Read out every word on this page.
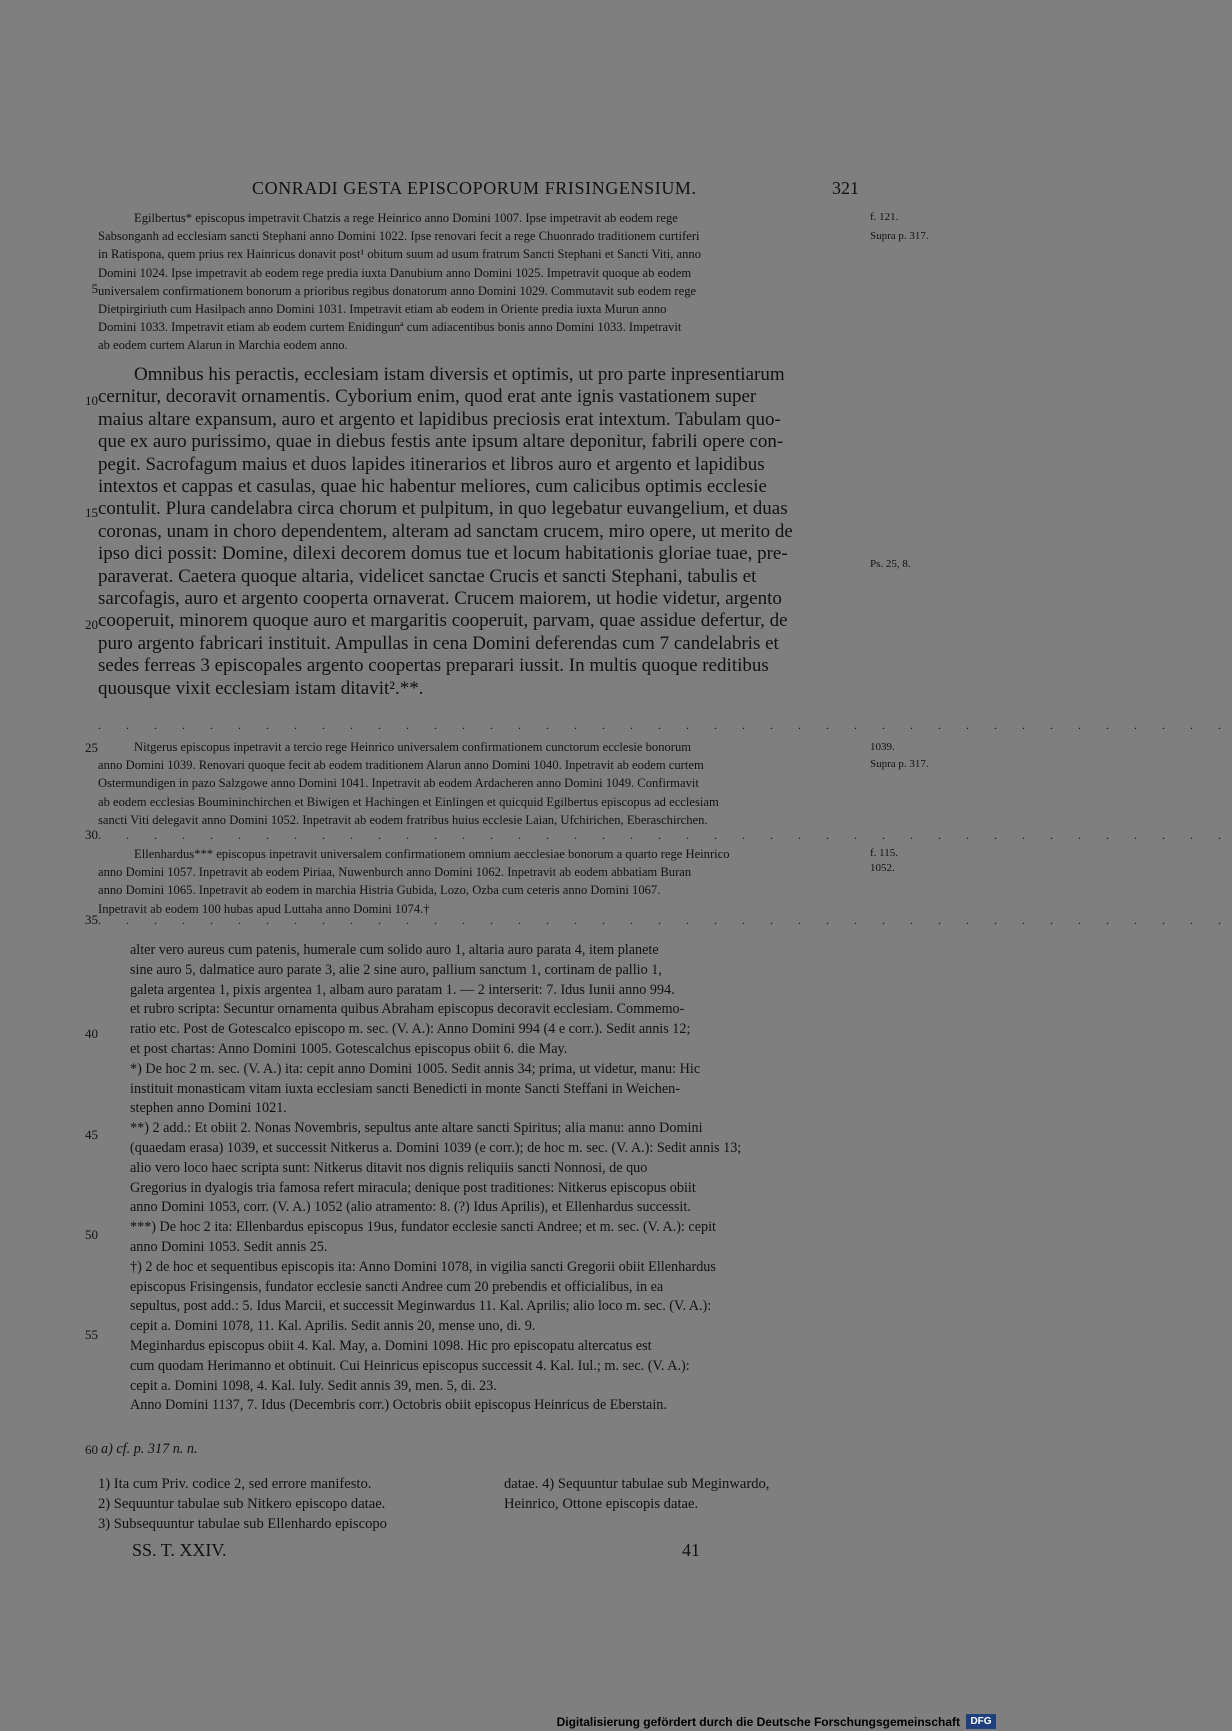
CONRADI GESTA EPISCOPORUM FRISINGENSIUM.	321
Egilbertus* episcopus impetravit Chatzis a rege Heinrico anno Domini 1007. Ipse impetravit ab eodem rege
Sabsonganh ad ecclesiam sancti Stephani anno Domini 1022. Ipse renovari fecit a rege Chuonrado traditionem curtiferi
in Ratispona, quem prius rex Hainricus donavit post¹ obitum suum ad usum fratrum Sancti Stephani et Sancti Viti, anno
Domini 1024. Ipse impetravit ab eodem rege predia iuxta Danubium anno Domini 1025. Impetravit quoque ab eodem
universalem confirmationem bonorum a prioribus regibus donatorum anno Domini 1029. Commutavit sub eodem rege
Dietpirgiriuth cum Hasilpach anno Domini 1031. Impetravit etiam ab eodem in Oriente predia iuxta Murun anno
Domini 1033. Impetravit etiam ab eodem curtem Enidingunª cum adiacentibus bonis anno Domini 1033. Impetravit
ab eodem curtem Alarun in Marchia eodem anno.
5
f. 121.
Supra p. 317.
Omnibus his peractis, ecclesiam istam diversis et optimis, ut pro parte inpresentiarum
cernitur, decoravit ornamentis. Cyborium enim, quod erat ante ignis vastationem super
maius altare expansum, auro et argento et lapidibus preciosis erat intextum. Tabulam quo-
que ex auro purissimo, quae in diebus festis ante ipsum altare deponitur, fabrili opere con-
pegit. Sacrofagum maius et duos lapides itinerarios et libros auro et argento et lapidibus
intextos et cappas et casulas, quae hic habentur meliores, cum calicibus optimis ecclesie
contulit. Plura candelabra circa chorum et pulpitum, in quo legebatur euvangelium, et duas
coronas, unam in choro dependentem, alteram ad sanctam crucem, miro opere, ut merito de
ipso dici possit: Domine, dilexi decorem domus tue et locum habitationis gloriae tuae, pre-
paraverat. Caetera quoque altaria, videlicet sanctae Crucis et sancti Stephani, tabulis et
sarcofagis, auro et argento cooperta ornaverat. Crucem maiorem, ut hodie videtur, argento
cooperuit, minorem quoque auro et margaritis cooperuit, parvam, quae assidue defertur, de
puro argento fabricari instituit. Ampullas in cena Domini deferendas cum 7 candelabris et
sedes ferreas 3 episcopales argento coopertas preparari iussit. In multis quoque reditibus
quousque vixit ecclesiam istam ditavit².**.
10
15
20
Ps. 25, 8.
. . . . . . . . . . . . . . . . . . . . . . . . . . . . . . . . . . . . . . . . .
Nitgerus episcopus inpetravit a tercio rege Heinrico universalem confirmationem cunctorum ecclesie bonorum
anno Domini 1039. Renovari quoque fecit ab eodem traditionem Alarun anno Domini 1040. Inpetravit ab eodem curtem
Ostermundigen in pazo Salzgowe anno Domini 1041. Inpetravit ab eodem Ardacheren anno Domini 1049. Confirmavit
ab eodem ecclesias Boumininchirchen et Biwigen et Hachingen et Einlingen et quicquid Egilbertus episcopus ad ecclesiam
sancti Viti delegavit anno Domini 1052. Inpetravit ab eodem fratribus huius ecclesie Laian, Ufchirichen, Eberaschirchen.
25
30
1039.
Supra p. 317.
. . . . . . . . . . . . . . . . . . . . . . . . . . . . . . . . . . . . . . . . .
Ellenhardus*** episcopus inpetravit universalem confirmationem omnium aecclesiae bonorum a quarto rege Heinrico
anno Domini 1057. Inpetravit ab eodem Piriaa, Nuwenburch anno Domini 1062. Inpetravit ab eodem abbatiam Buran
anno Domini 1065. Inpetravit ab eodem in marchia Histria Gubida, Lozo, Ozba cum ceteris anno Domini 1067.
Inpetravit ab eodem 100 hubas apud Luttaha anno Domini 1074.†
35
f. 115.
1052.
. . . . . . . . . . . . . . . . . . . . . . . . . . . . . . . . . . . . . . . . .
alter vero aureus cum patenis, humerale cum solido auro 1, altaria auro parata 4, item planete
sine auro 5, dalmatice auro parate 3, alie 2 sine auro, pallium sanctum 1, cortinam de pallio 1,
galeta argentea 1, pixis argentea 1, albam auro paratam 1. — 2 interserit: 7. Idus Iunii anno 994.
et rubro scripta: Secuntur ornamenta quibus Abraham episcopus decoravit ecclesiam. Commemo-
ratio etc. Post de Gotescalco episcopo m. sec. (V. A.): Anno Domini 994 (4 e corr.). Sedit annis 12;
et post chartas: Anno Domini 1005. Gotescalchus episcopus obiit 6. die May.
*) De hoc 2 m. sec. (V. A.) ita: cepit anno Domini 1005. Sedit annis 34; prima, ut videtur, manu: Hic
instituit monasticam vitam iuxta ecclesiam sancti Benedicti in monte Sancti Steffani in Weichen-
stephen anno Domini 1021.
**) 2 add.: Et obiit 2. Nonas Novembris, sepultus ante altare sancti Spiritus; alia manu: anno Domini
(quaedam erasa) 1039, et successit Nitkerus a. Domini 1039 (e corr.); de hoc m. sec. (V. A.): Sedit annis 13;
alio vero loco haec scripta sunt: Nitkerus ditavit nos dignis reliquiis sancti Nonnosi, de quo
Gregorius in dyalogis tria famosa refert miracula; denique post traditiones: Nitkerus episcopus obiit
anno Domini 1053, corr. (V. A.) 1052 (alio atramento: 8. (?) Idus Aprilis), et Ellenhardus successit.
***) De hoc 2 ita: Ellenbardus episcopus 19us, fundator ecclesie sancti Andree; et m. sec. (V. A.): cepit
anno Domini 1053. Sedit annis 25.
†) 2 de hoc et sequentibus episcopis ita: Anno Domini 1078, in vigilia sancti Gregorii obiit Ellenhardus
episcopus Frisingensis, fundator ecclesie sancti Andree cum 20 prebendis et officialibus, in ea
sepultus, post add.: 5. Idus Marcii, et successit Meginwardus 11. Kal. Aprilis; alio loco m. sec. (V. A.):
cepit a. Domini 1078, 11. Kal. Aprilis. Sedit annis 20, mense uno, di. 9.
Meginhardus episcopus obiit 4. Kal. May, a. Domini 1098. Hic pro episcopatu altercatus est
cum quodam Herimanno et obtinuit. Cui Heinricus episcopus successit 4. Kal. Iul.; m. sec. (V. A.):
cepit a. Domini 1098, 4. Kal. Iuly. Sedit annis 39, men. 5, di. 23.
Anno Domini 1137, 7. Idus (Decembris corr.) Octobris obiit episcopus Heinricus de Eberstain.
40
45
50
55
60 a) cf. p. 317 n. n.
1) Ita cum Priv. codice 2, sed errore manifesto.
2) Sequuntur tabulae sub Nitkero episcopo datae.
3) Subsequuntur tabulae sub Ellenhardo episcopo
datae. 4) Sequuntur tabulae sub Meginwardo,
Heinrico, Ottone episcopis datae.
SS. T. XXIV.	41
Digitalisierung gefördert durch die Deutsche Forschungsgemeinschaft	DFG
